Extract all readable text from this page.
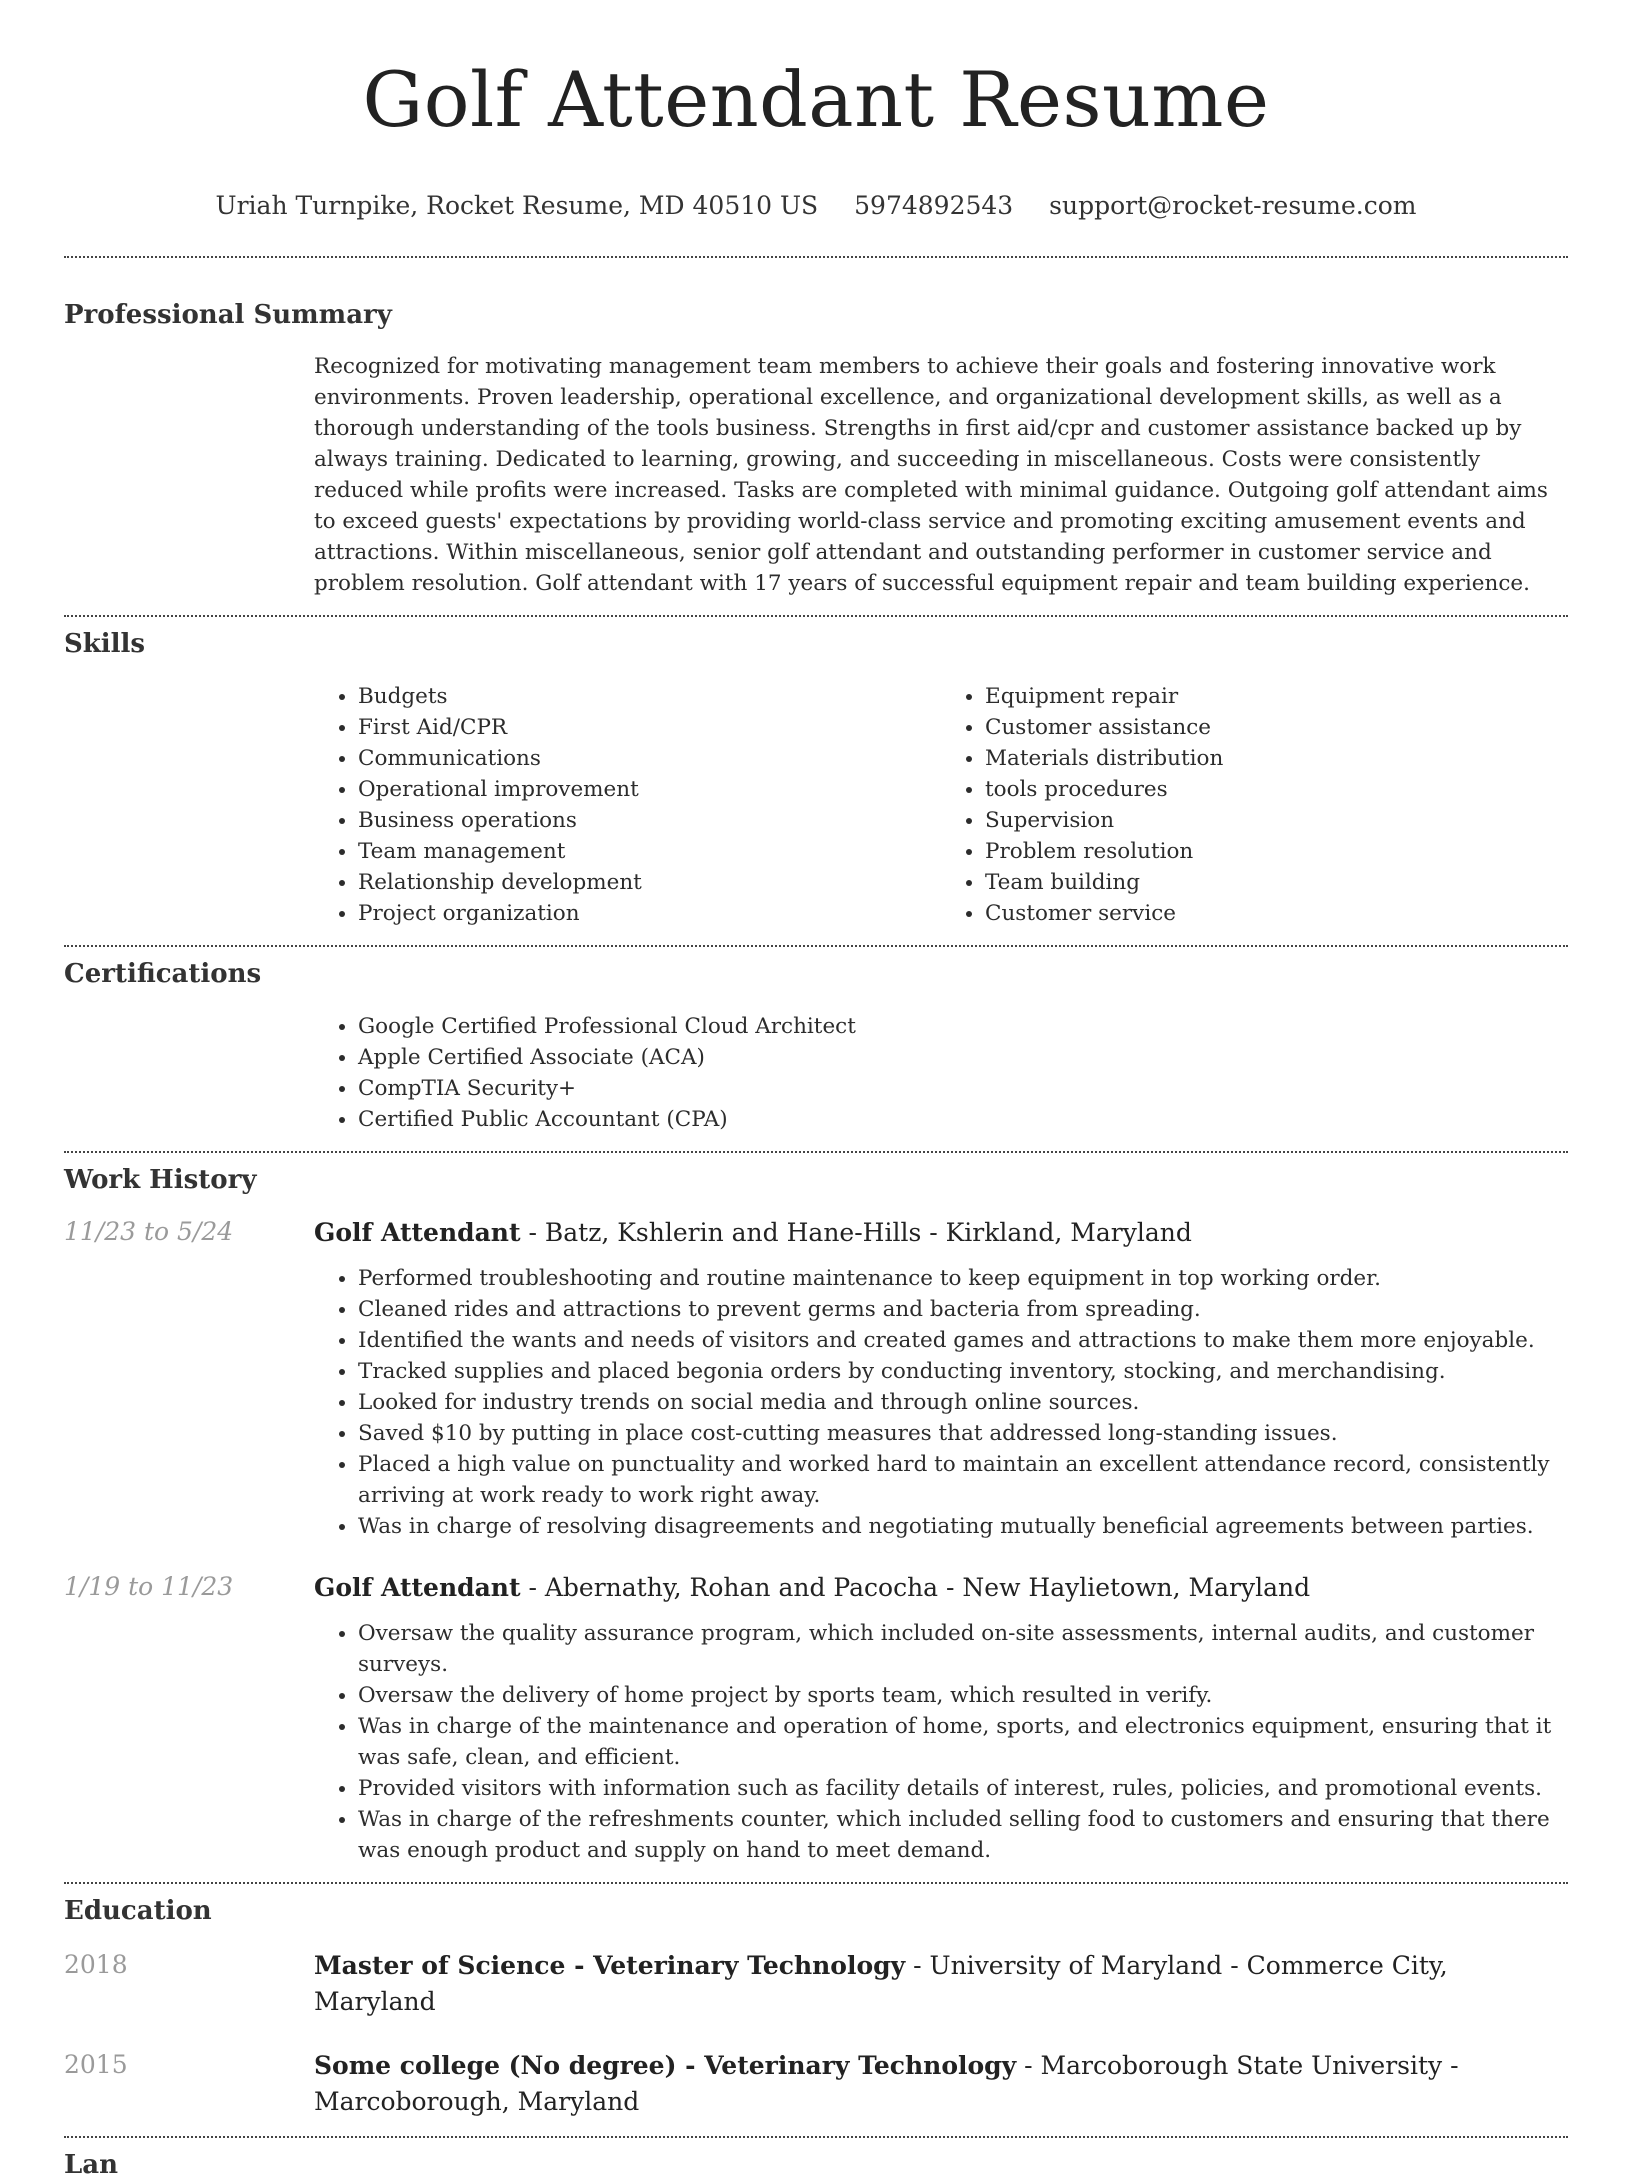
Golf Attendant Resume
Uriah Turnpike, Rocket Resume, MD 40510 US 5974892543 support@rocket-resume.com
Professional Summary

Recognized for motivating management team members to achieve their goals and fostering innovative work environments. Proven leadership, operational excellence, and organizational development skills, as well as a thorough understanding of the tools business. Strengths in first aid/cpr and customer assistance backed up by always training. Dedicated to learning, growing, and succeeding in miscellaneous. Costs were consistently reduced while profits were increased. Tasks are completed with minimal guidance. Outgoing golf attendant aims to exceed guests' expectations by providing world-class service and promoting exciting amusement events and attractions. Within miscellaneous, senior golf attendant and outstanding performer in customer service and problem resolution. Golf attendant with 17 years of successful equipment repair and team building experience.

Skills
• Budgets
• First Aid/CPR
• Communications
• Operational improvement
• Business operations
• Team management
• Relationship development
• Project organization
• Equipment repair
• Customer assistance
• Materials distribution
• tools procedures
• Supervision
• Problem resolution
• Team building
• Customer service
Certifications
• Google Certified Professional Cloud Architect
• Apple Certified Associate (ACA)
• CompTIA Security+
• Certified Public Accountant (CPA)
Work History
11/23 to 5/24	Golf Attendant - Batz, Kshlerin and Hane-Hills - Kirkland, Maryland
• Performed troubleshooting and routine maintenance to keep equipment in top working order.
• Cleaned rides and attractions to prevent germs and bacteria from spreading.
• Identified the wants and needs of visitors and created games and attractions to make them more enjoyable.
• Tracked supplies and placed begonia orders by conducting inventory, stocking, and merchandising.
• Looked for industry trends on social media and through online sources.
• Saved $10 by putting in place cost-cutting measures that addressed long-standing issues.
• Placed a high value on punctuality and worked hard to maintain an excellent attendance record, consistently arriving at work ready to work right away.
• Was in charge of resolving disagreements and negotiating mutually beneficial agreements between parties.
1/19 to 11/23	Golf Attendant - Abernathy, Rohan and Pacocha - New Haylietown, Maryland
• Oversaw the quality assurance program, which included on-site assessments, internal audits, and customer surveys.
• Oversaw the delivery of home project by sports team, which resulted in verify.
• Was in charge of the maintenance and operation of home, sports, and electronics equipment, ensuring that it was safe, clean, and efficient.
• Provided visitors with information such as facility details of interest, rules, policies, and promotional events.
• Was in charge of the refreshments counter, which included selling food to customers and ensuring that there was enough product and supply on hand to meet demand.
Education
2018	Master of Science - Veterinary Technology - University of Maryland - Commerce City, Maryland
2015	Some college (No degree) - Veterinary Technology - Marcoborough State University - Marcoborough, Maryland
Lan
